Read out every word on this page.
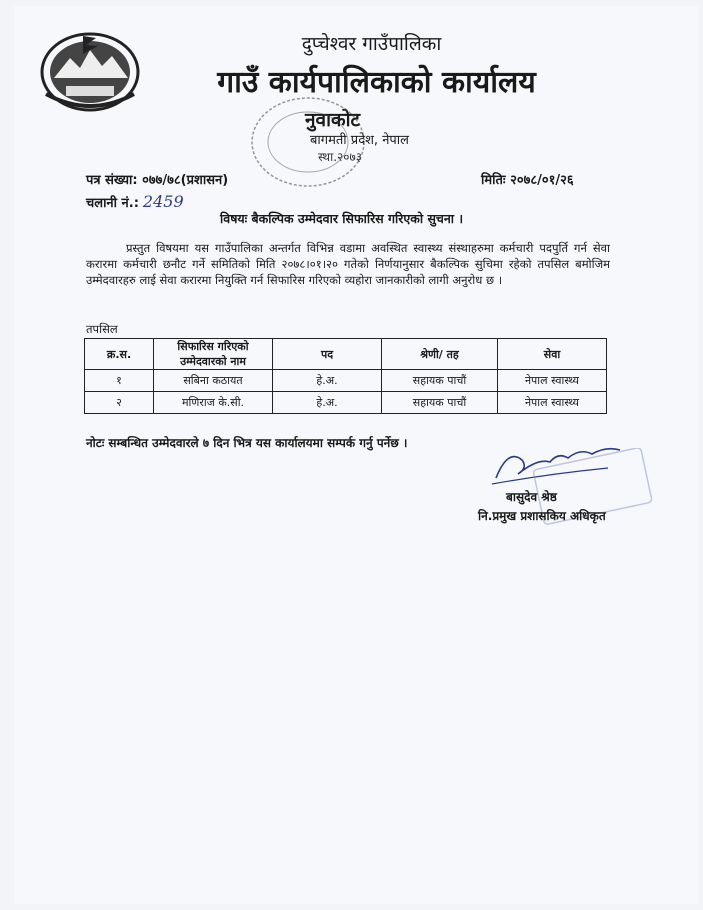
दुप्चेश्वर गाउँपालिका
गाउँ कार्यपालिकाको कार्यालय
नुवाकोट
बागमती प्रदेश, नेपाल
स्था.२०७३
पत्र संख्या: ०७७/७८(प्रशासन)	मितिः २०७८/०१/२६
चलानी नं.: 2459
विषयः बैकल्पिक उम्मेदवार सिफारिस गरिएको सुचना ।
प्रस्तुत विषयमा यस गाउँपालिका अन्तर्गत विभिन्न वडामा अवस्थित स्वास्थ्य संस्थाहरुमा कर्मचारी पदपुर्ति गर्न सेवा करारमा कर्मचारी छनौट गर्ने समितिको मिति २०७८।०१।२० गतेको निर्णयानुसार बैकल्पिक सुचिमा रहेको तपसिल बमोजिम उम्मेदवारहरु लाई सेवा करारमा नियुक्ति गर्न सिफारिस गरिएको व्यहोरा जानकारीको लागी अनुरोध छ ।
तपसिल
क्र.स.	सिफारिस गरिएको उम्मेदवारको नाम	पद	श्रेणी/ तह	सेवा
१	सबिना कठायत	हे.अ.	सहायक पाचौं	नेपाल स्वास्थ्य
२	मणिराज के.सी.	हे.अ.	सहायक पाचौं	नेपाल स्वास्थ्य
नोटः सम्बन्धित उम्मेदवारले ७ दिन भित्र यस कार्यालयमा सम्पर्क गर्नु पर्नेछ ।
बासुदेव श्रेष्ठ
नि.प्रमुख प्रशासकिय अधिकृत
